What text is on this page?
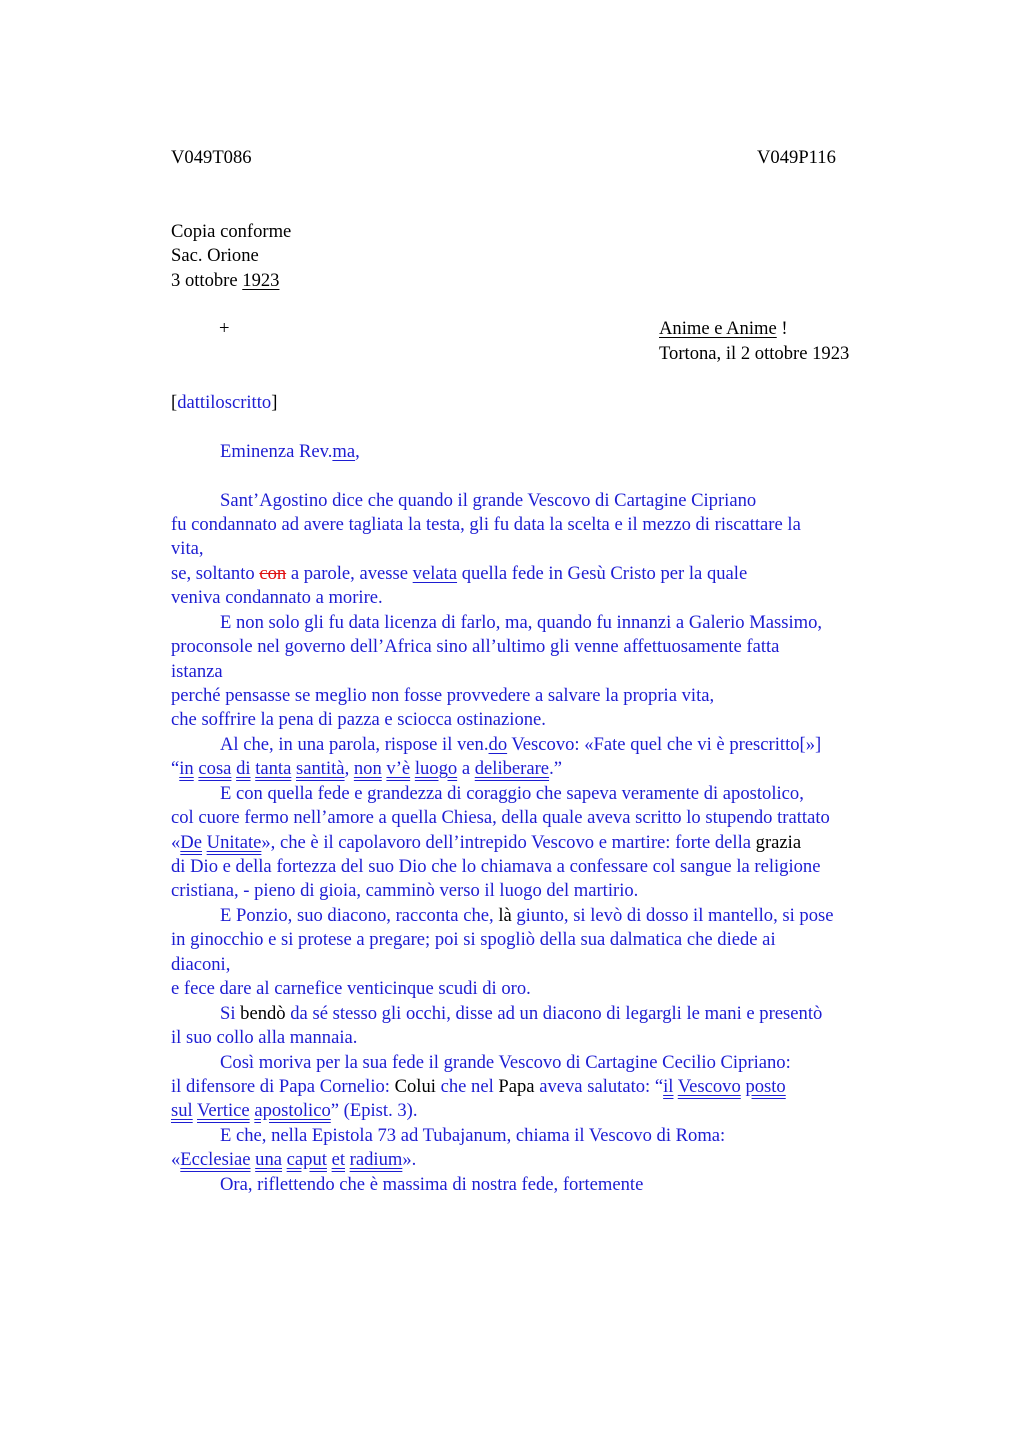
V049T086	V049P116
Copia conforme
Sac. Orione
3 ottobre 1923
+	Anime e Anime !
Tortona, il 2 ottobre 1923
[dattiloscritto]
Eminenza Rev.ma,
Sant’Agostino dice che quando il grande Vescovo di Cartagine Cipriano
fu condannato ad avere tagliata la testa, gli fu data la scelta e il mezzo di riscattare la
vita,
se, soltanto con a parole, avesse velata quella fede in Gesù Cristo per la quale
veniva condannato a morire.
E non solo gli fu data licenza di farlo, ma, quando fu innanzi a Galerio Massimo,
proconsole nel governo dell’Africa sino all’ultimo gli venne affettuosamente fatta
istanza
perché pensasse se meglio non fosse provvedere a salvare la propria vita,
che soffrire la pena di pazza e sciocca ostinazione.
Al che, in una parola, rispose il ven.do Vescovo: «Fate quel che vi è prescritto[»]
“in cosa di tanta santità, non v’è luogo a deliberare.”
E con quella fede e grandezza di coraggio che sapeva veramente di apostolico,
col cuore fermo nell’amore a quella Chiesa, della quale aveva scritto lo stupendo trattato
«De Unitate», che è il capolavoro dell’intrepido Vescovo e martire: forte della grazia
di Dio e della fortezza del suo Dio che lo chiamava a confessare col sangue la religione
cristiana, - pieno di gioia, camminò verso il luogo del martirio.
E Ponzio, suo diacono, racconta che, là giunto, si levò di dosso il mantello, si pose
in ginocchio e si protese a pregare; poi si spogliò della sua dalmatica che diede ai
diaconi,
e fece dare al carnefice venticinque scudi di oro.
Si bendò da sé stesso gli occhi, disse ad un diacono di legargli le mani e presentò
il suo collo alla mannaia.
Così moriva per la sua fede il grande Vescovo di Cartagine Cecilio Cipriano:
il difensore di Papa Cornelio: Colui che nel Papa aveva salutato: “il Vescovo posto
sul Vertice apostolico” (Epist. 3).
E che, nella Epistola 73 ad Tubajanum, chiama il Vescovo di Roma:
«Ecclesiae una caput et radium».
Ora, riflettendo che è massima di nostra fede, fortemente
